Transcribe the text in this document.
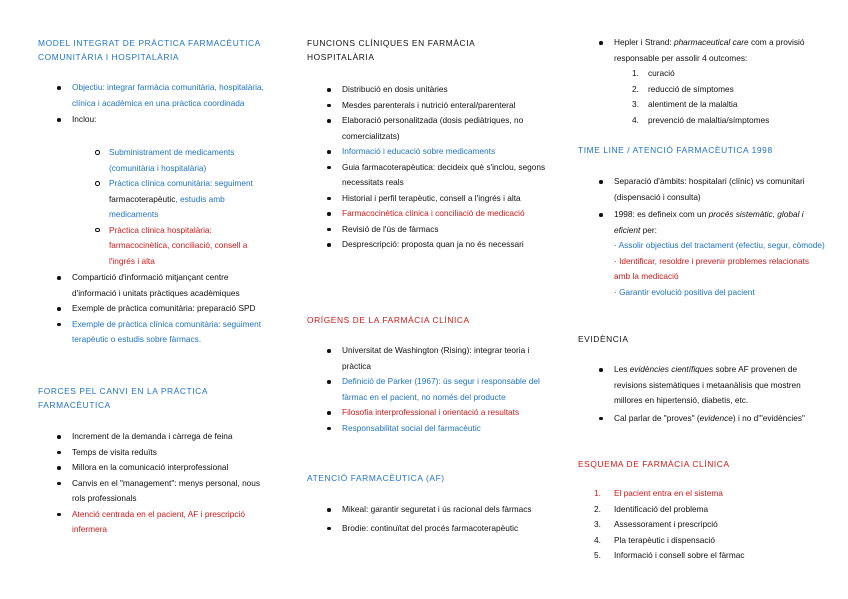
MODEL INTEGRAT DE PRÀCTICA FARMACÈUTICA COMUNITÀRIA I HOSPITALÀRIA

Objectiu: integrar farmàcia comunitària, hospitalària, clínica i acadèmica en una pràctica coordinada
Inclou:
Subministrament de medicaments (comunitària i hospitalària)
Pràctica clínica comunitària: seguiment farmacoterapèutic, estudis amb medicaments
Pràctica clínica hospitalària: farmacocinètica, conciliació, consell a l'ingrés i alta
Compartició d'informació mitjançant centre d'informació i unitats pràctiques acadèmiques
Exemple de pràctica comunitària: preparació SPD
Exemple de pràctica clínica comunitària: seguiment terapèutic o estudis sobre fàrmacs.

FORCES PEL CANVI EN LA PRÀCTICA FARMACÈUTICA

Increment de la demanda i càrrega de feina
Temps de visita reduïts
Millora en la comunicació interprofessional
Canvis en el "management": menys personal, nous rols professionals
Atenció centrada en el pacient, AF i prescripció infermera

FUNCIONS CLÍNIQUES EN FARMÀCIA HOSPITALÀRIA

Distribució en dosis unitàries
Mesdes parenterals i nutrició enteral/parenteral
Elaboració personalitzada (dosis pediàtriques, no comercialitzats)
Informació i educació sobre medicaments
Guia farmacoterapèutica: decideix què s'inclou, segons necessitats reals
Historial i perfil terapèutic, consell a l'ingrés i alta
Farmacocinètica clínica i conciliació de medicació
Revisió de l'ús de fàrmacs
Desprescripció: proposta quan ja no és necessari

ORÍGENS DE LA FARMÀCIA CLÍNICA

Universitat de Washington (Rising): integrar teoria i pràctica
Definició de Parker (1967): ús segur i responsable del fàrmac en el pacient, no només del producte
Filosofia interprofessional i orientació a resultats
Responsabilitat social del farmacèutic

ATENCIÓ FARMACÈUTICA (AF)

Mikeal: garantir seguretat i ús racional dels fàrmacs
Brodie: continuïtat del procés farmacoterapèutic
Hepler i Strand: pharmaceutical care com a provisió responsable per assolir 4 outcomes:
1. curació
2. reducció de símptomes
3. alentiment de la malaltia
4. prevenció de malaltia/símptomes

TIME LINE / ATENCIÓ FARMACÈUTICA 1998

Separació d'àmbits: hospitalari (clínic) vs comunitari (dispensació i consulta)
1998: es defineix com un procés sistemàtic, global i eficient per:
· Assolir objectius del tractament (efectiu, segur, còmode)
· Identificar, resoldre i prevenir problemes relacionats amb la medicació
· Garantir evolució positiva del pacient

EVIDÈNCIA

Les evidències científiques sobre AF provenen de revisions sistemàtiques i metaanàlisis que mostren millores en hipertensió, diabetis, etc.
Cal parlar de "proves" (evidence) i no d'"evidències"

ESQUEMA DE FARMÀCIA CLÍNICA

1. El pacient entra en el sistema
2. Identificació del problema
3. Assessorament i prescripció
4. Pla terapèutic i dispensació
5. Informació i consell sobre el fàrmac
